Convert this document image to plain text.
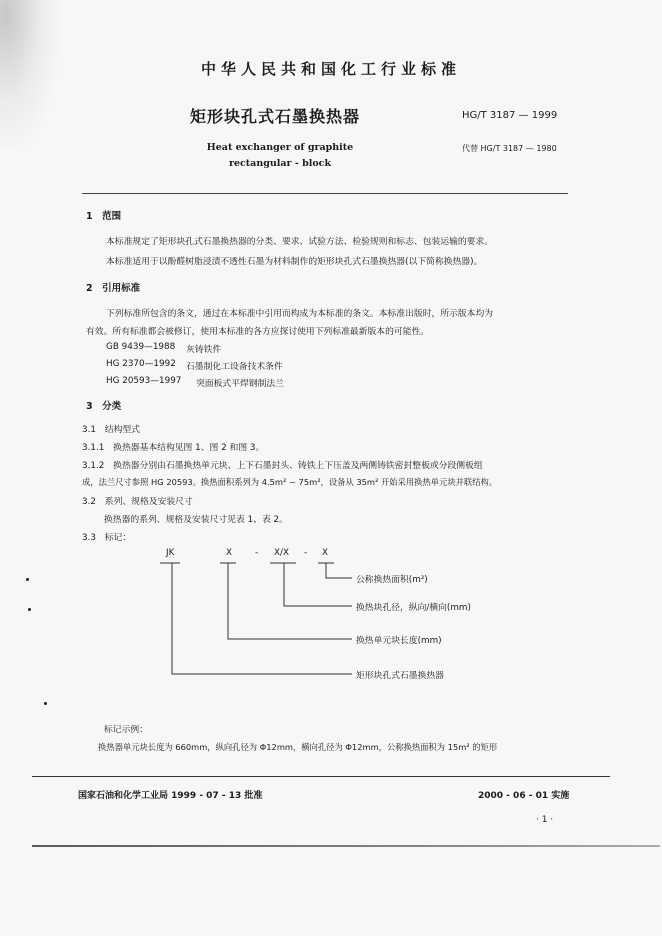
中华人民共和国化工行业标准
矩形块孔式石墨换热器	HG/T 3187 — 1999
Heat exchanger of graphite
rectangular - block
代替 HG/T 3187 — 1980
1　范围
本标准规定了矩形块孔式石墨换热器的分类、要求、试验方法、检验规则和标志、包装运输的要求。
本标准适用于以酚醛树脂浸渍不透性石墨为材料制作的矩形块孔式石墨换热器(以下简称换热器)。
2　引用标准
下列标准所包含的条文，通过在本标准中引用而构成为本标准的条文。本标准出版时，所示版本均为
有效。所有标准都会被修订，使用本标准的各方应探讨使用下列标准最新版本的可能性。
GB 9439—1988 灰铸铁件
HG 2370—1992 石墨制化工设备技术条件
HG 20593—1997 突面板式平焊钢制法兰
3　分类
3.1　结构型式
3.1.1　换热器基本结构见图 1、图 2 和图 3。
3.1.2　换热器分别由石墨换热单元块、上下石墨封头、铸铁上下压盖及两侧铸铁密封整板或分段侧板组
成，法兰尺寸参照 HG 20593。换热面积系列为 4.5m² ~ 75m²，设备从 35m² 开始采用换热单元块并联结构。
3.2　系列、规格及安装尺寸
换热器的系列、规格及安装尺寸见表 1、表 2。
3.3　标记：
JK	X	- X/X - X
公称换热面积(m²)
换热块孔径，纵向/横向(mm)
换热单元块长度(mm)
矩形块孔式石墨换热器
标记示例：
换热器单元块长度为 660mm，纵向孔径为 Φ12mm，横向孔径为 Φ12mm，公称换热面积为 15m² 的矩形
国家石油和化学工业局 1999 - 07 - 13 批准	2000 - 06 - 01 实施
· 1 ·
